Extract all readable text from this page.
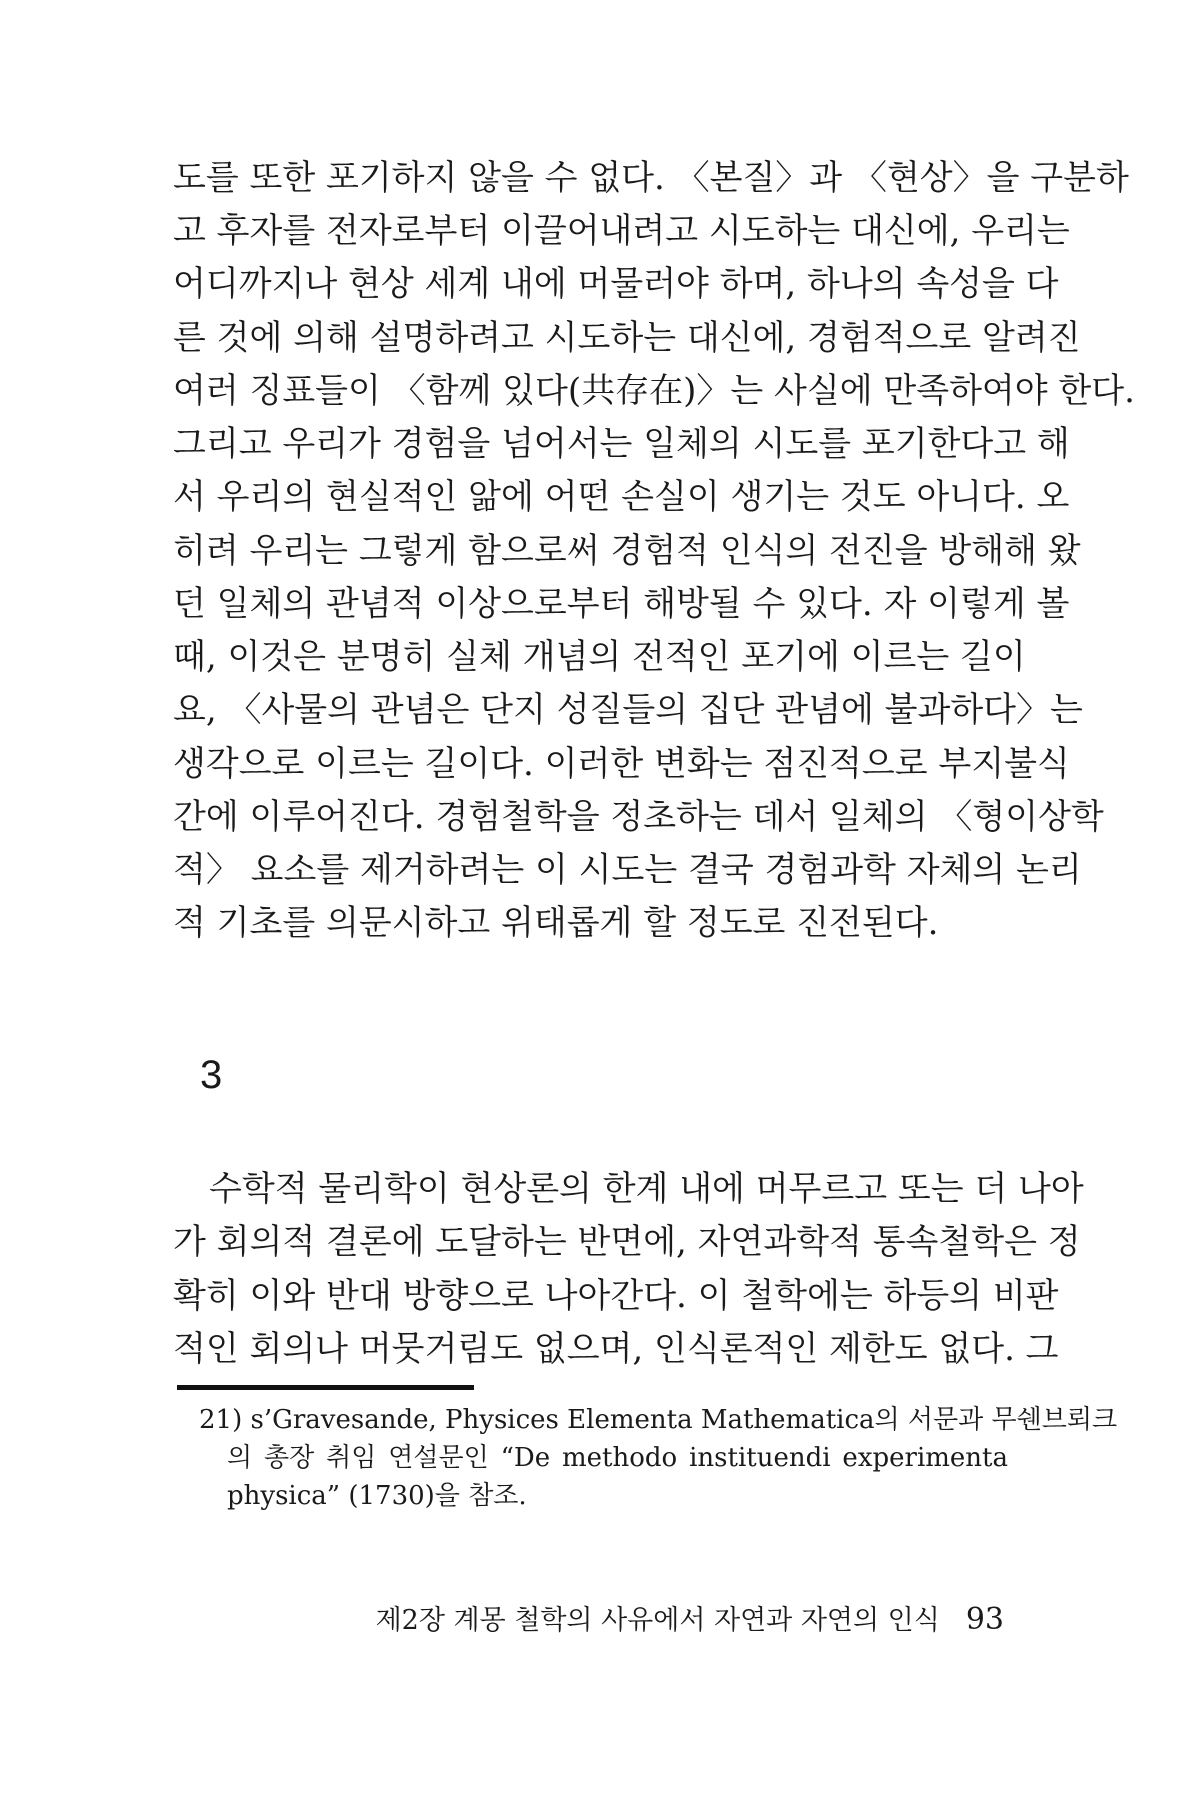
도를 또한 포기하지 않을 수 없다. 〈본질〉과 〈현상〉을 구분하
고 후자를 전자로부터 이끌어내려고 시도하는 대신에, 우리는
어디까지나 현상 세계 내에 머물러야 하며, 하나의 속성을 다
른 것에 의해 설명하려고 시도하는 대신에, 경험적으로 알려진
여러 징표들이 〈함께 있다(共存在)〉는 사실에 만족하여야 한다.
그리고 우리가 경험을 넘어서는 일체의 시도를 포기한다고 해
서 우리의 현실적인 앎에 어떤 손실이 생기는 것도 아니다. 오
히려 우리는 그렇게 함으로써 경험적 인식의 전진을 방해해 왔
던 일체의 관념적 이상으로부터 해방될 수 있다. 자 이렇게 볼
때, 이것은 분명히 실체 개념의 전적인 포기에 이르는 길이
요, 〈사물의 관념은 단지 성질들의 집단 관념에 불과하다〉는
생각으로 이르는 길이다. 이러한 변화는 점진적으로 부지불식
간에 이루어진다. 경험철학을 정초하는 데서 일체의 〈형이상학
적〉 요소를 제거하려는 이 시도는 결국 경험과학 자체의 논리
적 기초를 의문시하고 위태롭게 할 정도로 진전된다.
3
수학적 물리학이 현상론의 한계 내에 머무르고 또는 더 나아
가 회의적 결론에 도달하는 반면에, 자연과학적 통속철학은 정
확히 이와 반대 방향으로 나아간다. 이 철학에는 하등의 비판
적인 회의나 머뭇거림도 없으며, 인식론적인 제한도 없다. 그
21) s’Gravesande, Physices Elementa Mathematica의 서문과 무쉔브뢰크
의 총장 취임 연설문인 “De methodo instituendi experimenta
physica” (1730)을 참조.
제2장 계몽 철학의 사유에서 자연과 자연의 인식 93
